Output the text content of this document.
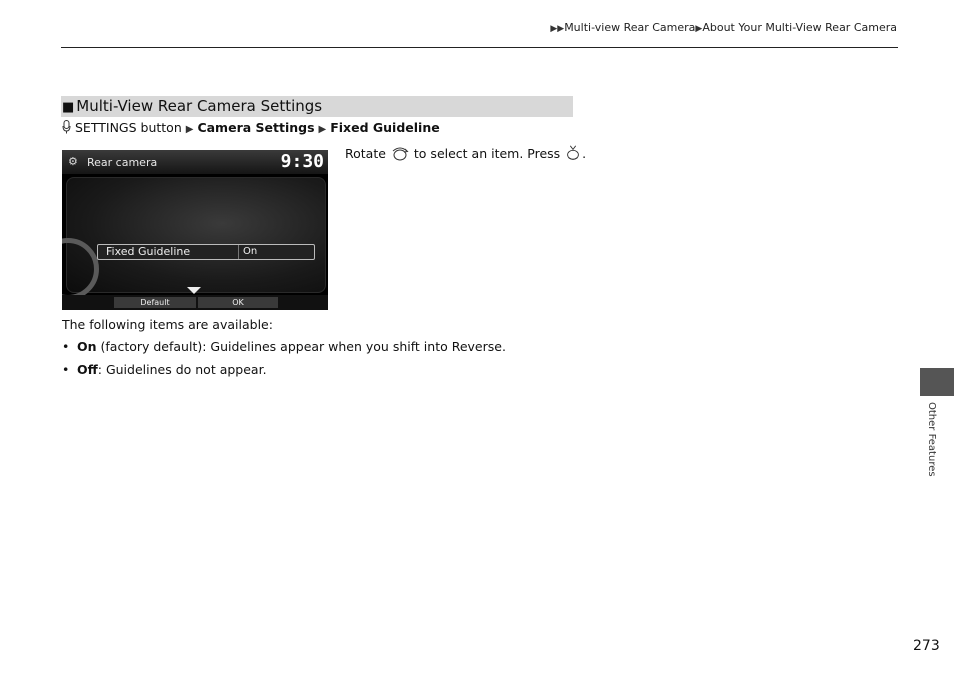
▶▶Multi-view Rear Camera▶About Your Multi-View Rear Camera
■ Multi-View Rear Camera Settings
SETTINGS button ▶ Camera Settings ▶ Fixed Guideline
⚙ Rear camera	9:30
Fixed Guideline	On
Default	OK
Rotate to select an item. Press .
The following items are available:
• On (factory default): Guidelines appear when you shift into Reverse.
• Off: Guidelines do not appear.
Other Features
273
